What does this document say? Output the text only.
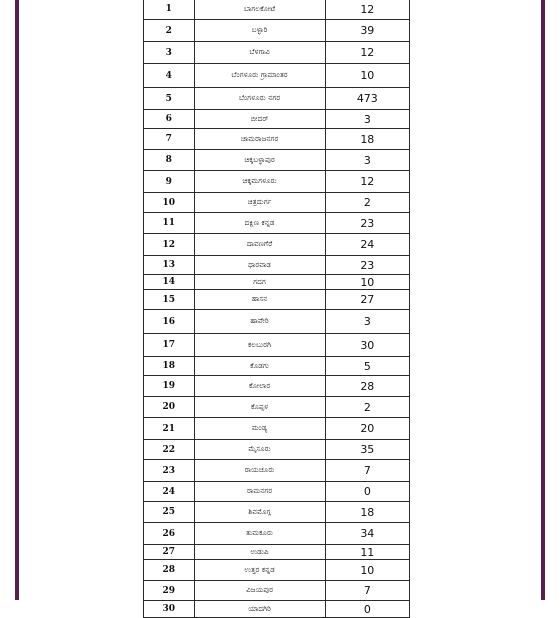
1	ಬಾಗಲಕೋಟೆ	12
2	ಬಳ್ಳಾರಿ	39
3	ಬೆಳಗಾವಿ	12
4	ಬೆಂಗಳೂರು ಗ್ರಾಮಾಂತರ	10
5	ಬೆಂಗಳೂರು ನಗರ	473
6	ಬೀದರ್	3
7	ಚಾಮರಾಜನಗರ	18
8	ಚಿಕ್ಕಬಳ್ಳಾಪುರ	3
9	ಚಿಕ್ಕಮಗಳೂರು	12
10	ಚಿತ್ರದುರ್ಗ	2
11	ದಕ್ಷಿಣ ಕನ್ನಡ	23
12	ದಾವಣಗೆರೆ	24
13	ಧಾರವಾಡ	23
14	ಗದಗ	10
15	ಹಾಸನ	27
16	ಹಾವೇರಿ	3
17	ಕಲಬುರಗಿ	30
18	ಕೊಡಗು	5
19	ಕೋಲಾರ	28
20	ಕೊಪ್ಪಳ	2
21	ಮಂಡ್ಯ	20
22	ಮೈಸೂರು	35
23	ರಾಯಚೂರು	7
24	ರಾಮನಗರ	0
25	ಶಿವಮೊಗ್ಗ	18
26	ತುಮಕೂರು	34
27	ಉಡುಪಿ	11
28	ಉತ್ತರ ಕನ್ನಡ	10
29	ವಿಜಯಪುರ	7
30	ಯಾದಗಿರಿ	0
